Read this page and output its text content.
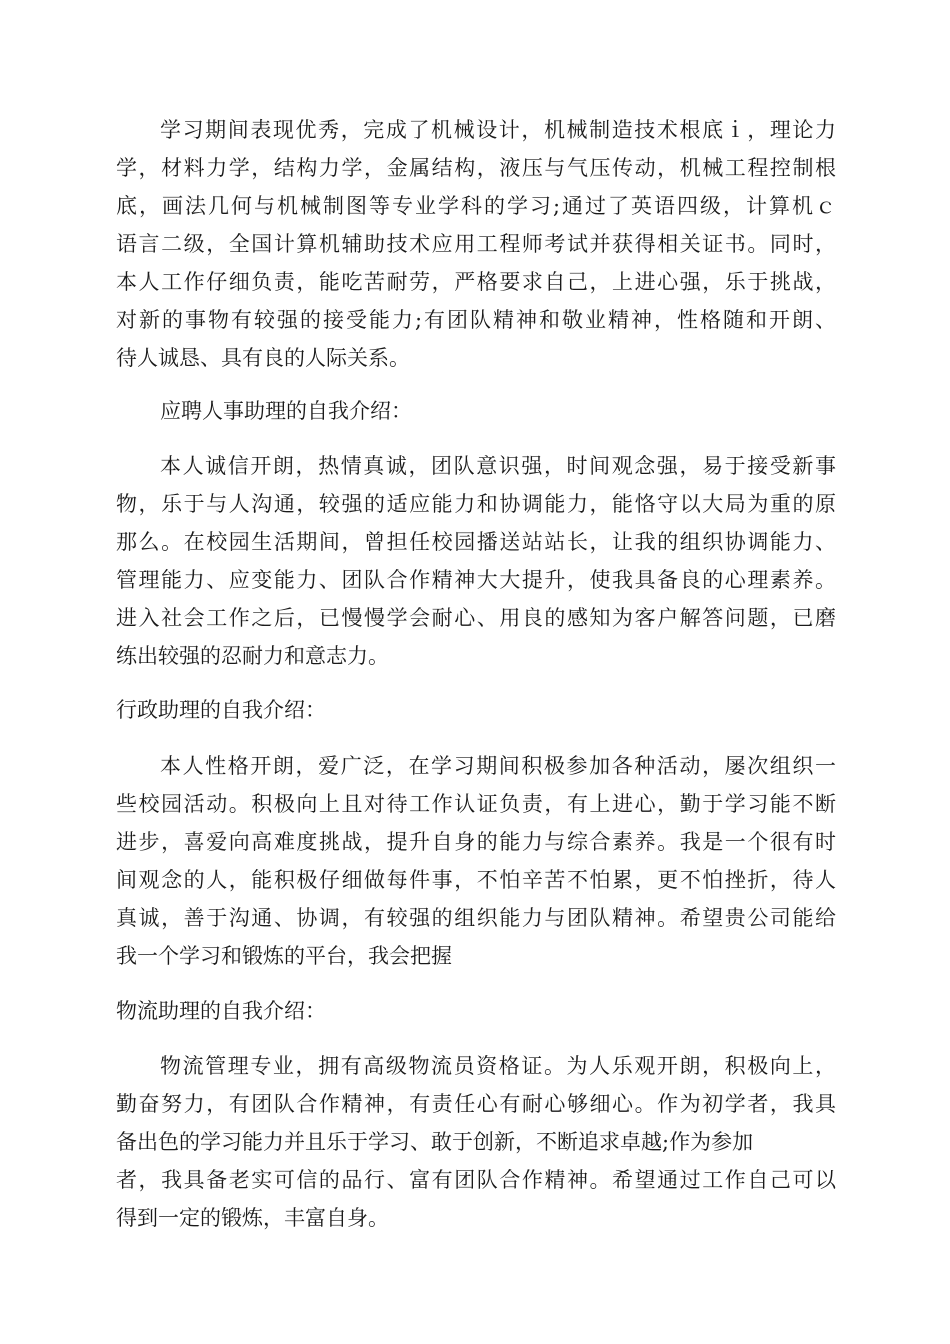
学习期间表现优秀，完成了机械设计，机械制造技术根底ｉ，理论力
学，材料力学，结构力学，金属结构，液压与气压传动，机械工程控制根
底，画法几何与机械制图等专业学科的学习;通过了英语四级，计算机ｃ
语言二级，全国计算机辅助技术应用工程师考试并获得相关证书。同时，
本人工作仔细负责，能吃苦耐劳，严格要求自己，上进心强，乐于挑战，
对新的事物有较强的接受能力;有团队精神和敬业精神，性格随和开朗、
待人诚恳、具有良的人际关系。
应聘人事助理的自我介绍：
本人诚信开朗，热情真诚，团队意识强，时间观念强，易于接受新事
物，乐于与人沟通，较强的适应能力和协调能力，能恪守以大局为重的原
那么。在校园生活期间，曾担任校园播送站站长，让我的组织协调能力、
管理能力、应变能力、团队合作精神大大提升，使我具备良的心理素养。
进入社会工作之后，已慢慢学会耐心、用良的感知为客户解答问题，已磨
练出较强的忍耐力和意志力。
行政助理的自我介绍：
本人性格开朗，爱广泛，在学习期间积极参加各种活动，屡次组织一
些校园活动。积极向上且对待工作认证负责，有上进心，勤于学习能不断
进步，喜爱向高难度挑战，提升自身的能力与综合素养。我是一个很有时
间观念的人，能积极仔细做每件事，不怕辛苦不怕累，更不怕挫折，待人
真诚，善于沟通、协调，有较强的组织能力与团队精神。希望贵公司能给
我一个学习和锻炼的平台，我会把握
物流助理的自我介绍：
物流管理专业，拥有高级物流员资格证。为人乐观开朗，积极向上，
勤奋努力，有团队合作精神，有责任心有耐心够细心。作为初学者，我具
备出色的学习能力并且乐于学习、敢于创新，不断追求卓越;作为参加
者，我具备老实可信的品行、富有团队合作精神。希望通过工作自己可以
得到一定的锻炼，丰富自身。
